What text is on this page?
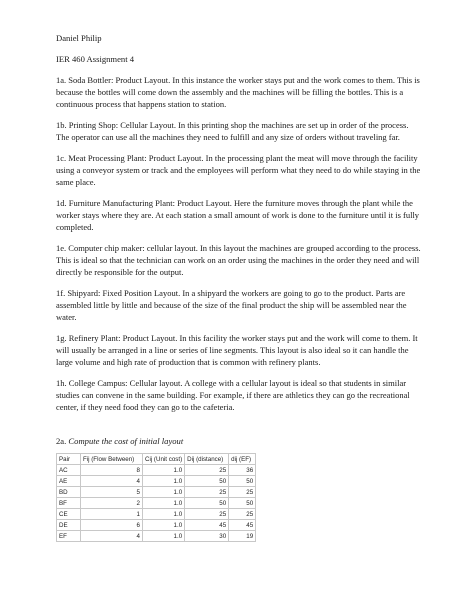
Daniel Philip

IER 460 Assignment 4

1a. Soda Bottler: Product Layout. In this instance the worker stays put and the work comes to them. This is because the bottles will come down the assembly and the machines will be filling the bottles. This is a continuous process that happens station to station.

1b. Printing Shop: Cellular Layout. In this printing shop the machines are set up in order of the process. The operator can use all the machines they need to fulfill and any size of orders without traveling far.

1c. Meat Processing Plant: Product Layout. In the processing plant the meat will move through the facility using a conveyor system or track and the employees will perform what they need to do while staying in the same place.

1d. Furniture Manufacturing Plant: Product Layout. Here the furniture moves through the plant while the worker stays where they are. At each station a small amount of work is done to the furniture until it is fully completed.

1e. Computer chip maker: cellular layout. In this layout the machines are grouped according to the process. This is ideal so that the technician can work on an order using the machines in the order they need and will directly be responsible for the output.

1f. Shipyard: Fixed Position Layout. In a shipyard the workers are going to go to the product. Parts are assembled little by little and because of the size of the final product the ship will be assembled near the water.

1g. Refinery Plant: Product Layout. In this facility the worker stays put and the work will come to them. It will usually be arranged in a line or series of line segments. This layout is also ideal so it can handle the large volume and high rate of production that is common with refinery plants.

1h. College Campus: Cellular layout. A college with a cellular layout is ideal so that students in similar studies can convene in the same building. For example, if there are athletics they can go the recreational center, if they need food they can go to the cafeteria.

2a. Compute the cost of initial layout

Pair	Fij (Flow Between)	Cij (Unit cost)	Dij (distance)	dij (EF)
AC	8	1.0	25	36
AE	4	1.0	50	50
BD	5	1.0	25	25
BF	2	1.0	50	50
CE	1	1.0	25	25
DE	6	1.0	45	45
EF	4	1.0	30	19
